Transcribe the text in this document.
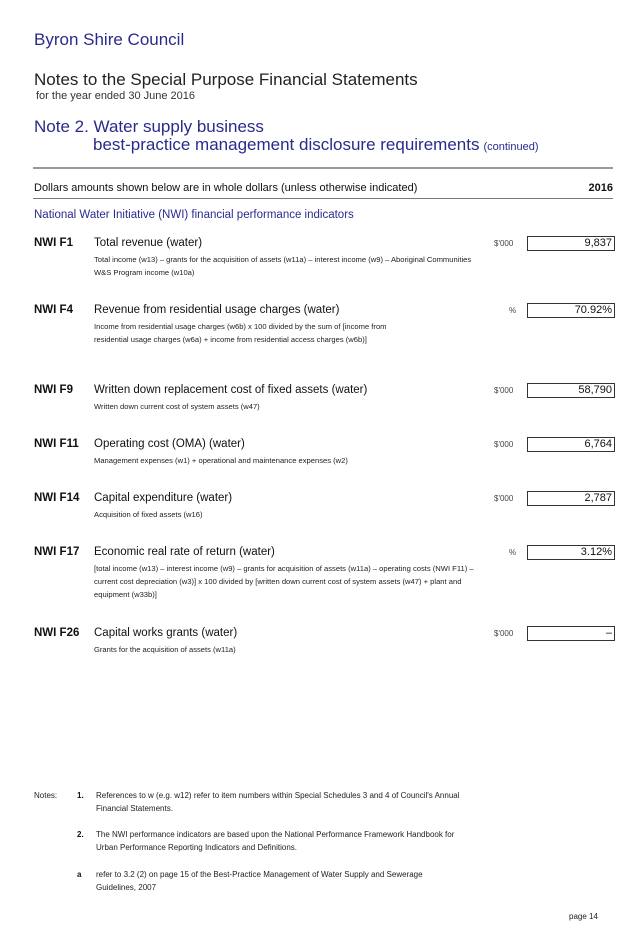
Byron Shire Council
Notes to the Special Purpose Financial Statements
for the year ended 30 June 2016
Note 2. Water supply business
best-practice management disclosure requirements (continued)
Dollars amounts shown below are in whole dollars (unless otherwise indicated)	2016
National Water Initiative (NWI) financial performance indicators
NWI F1 Total revenue (water)
Total income (w13) – grants for the acquisition of assets (w11a) – interest income (w9) – Aboriginal Communities W&S Program income (w10a)
$'000	9,837
NWI F4 Revenue from residential usage charges (water)
Income from residential usage charges (w6b) x 100 divided by the sum of [income from residential usage charges (w6a) + income from residential access charges (w6b)]
%	70.92%
NWI F9 Written down replacement cost of fixed assets (water)
Written down current cost of system assets (w47)
$'000	58,790
NWI F11 Operating cost (OMA) (water)
Management expenses (w1) + operational and maintenance expenses (w2)
$'000	6,764
NWI F14 Capital expenditure (water)
Acquisition of fixed assets (w16)
$'000	2,787
NWI F17 Economic real rate of return (water)
[total income (w13) – interest income (w9) – grants for acquisition of assets (w11a) – operating costs (NWI F11) – current cost depreciation (w3)] x 100 divided by [written down current cost of system assets (w47) + plant and equipment (w33b)]
%	3.12%
NWI F26 Capital works grants (water)
Grants for the acquisition of assets (w11a)
$'000	–
Notes: 1. References to w (e.g. w12) refer to item numbers within Special Schedules 3 and 4 of Council's Annual Financial Statements.
2. The NWI performance indicators are based upon the National Performance Framework Handbook for Urban Performance Reporting Indicators and Definitions.
a refer to 3.2 (2) on page 15 of the Best-Practice Management of Water Supply and Sewerage Guidelines, 2007
page 14
